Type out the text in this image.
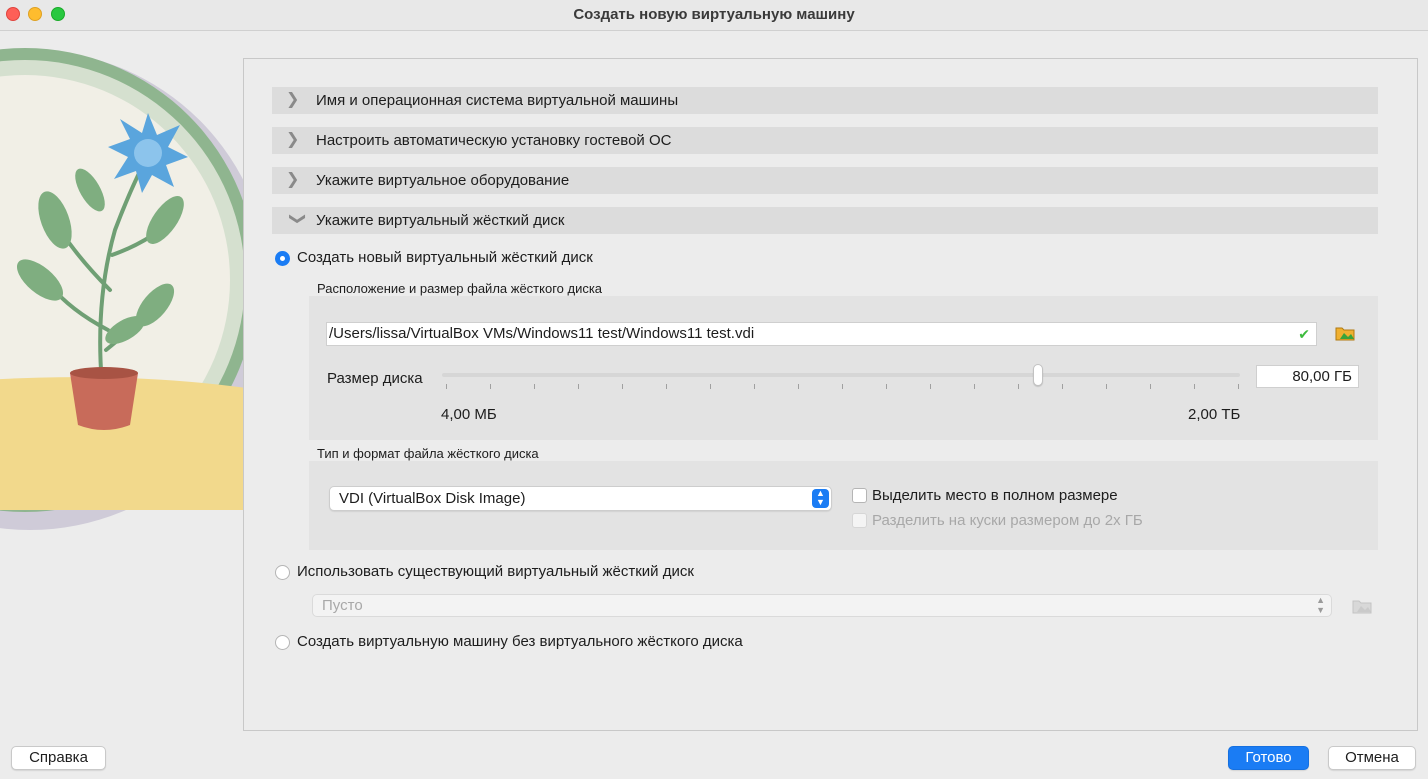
Создать новую виртуальную машину
❯	Имя и операционная система виртуальной машины
❯	Настроить автоматическую установку гостевой ОС
❯	Укажите виртуальное оборудование
❯ Укажите виртуальный жёсткий диск
Создать новый виртуальный жёсткий диск
Расположение и размер файла жёсткого диска
/Users/lissa/VirtualBox VMs/Windows11 test/Windows11 test.vdi	✔
Размер диска	80,00 ГБ
4,00 МБ	2,00 ТБ
Тип и формат файла жёсткого диска
VDI (VirtualBox Disk Image)	▲
▼	Выделить место в полном размере
Разделить на куски размером до 2х ГБ
Использовать существующий виртуальный жёсткий диск
Пусто	▲
▼
Создать виртуальную машину без виртуального жёсткого диска
Справка	Готово	Отмена
